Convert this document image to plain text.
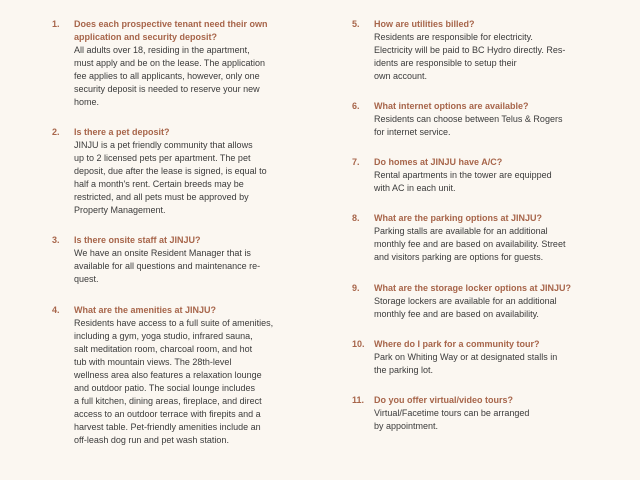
1. Does each prospective tenant need their own
application and security deposit?
All adults over 18, residing in the apartment,
must apply and be on the lease. The application
fee applies to all applicants, however, only one
security deposit is needed to reserve your new
home.
2. Is there a pet deposit?
JINJU is a pet friendly community that allows
up to 2 licensed pets per apartment. The pet
deposit, due after the lease is signed, is equal to
half a month's rent. Certain breeds may be
restricted, and all pets must be approved by
Property Management.
3. Is there onsite staff at JINJU?
We have an onsite Resident Manager that is
available for all questions and maintenance re-
quest.
4. What are the amenities at JINJU?
Residents have access to a full suite of amenities,
including a gym, yoga studio, infrared sauna,
salt meditation room, charcoal room, and hot
tub with mountain views. The 28th-level
wellness area also features a relaxation lounge
and outdoor patio. The social lounge includes
a full kitchen, dining areas, fireplace, and direct
access to an outdoor terrace with firepits and a
harvest table. Pet-friendly amenities include an
off-leash dog run and pet wash station.
5. How are utilities billed?
Residents are responsible for electricity.
Electricity will be paid to BC Hydro directly. Res-
idents are responsible to setup their
own account.
6. What internet options are available?
Residents can choose between Telus & Rogers
for internet service.
7. Do homes at JINJU have A/C?
Rental apartments in the tower are equipped
with AC in each unit.
8. What are the parking options at JINJU?
Parking stalls are available for an additional
monthly fee and are based on availability. Street
and visitors parking are options for guests.
9. What are the storage locker options at JINJU?
Storage lockers are available for an additional
monthly fee and are based on availability.
10. Where do I park for a community tour?
Park on Whiting Way or at designated stalls in
the parking lot.
11. Do you offer virtual/video tours?
Virtual/Facetime tours can be arranged
by appointment.
